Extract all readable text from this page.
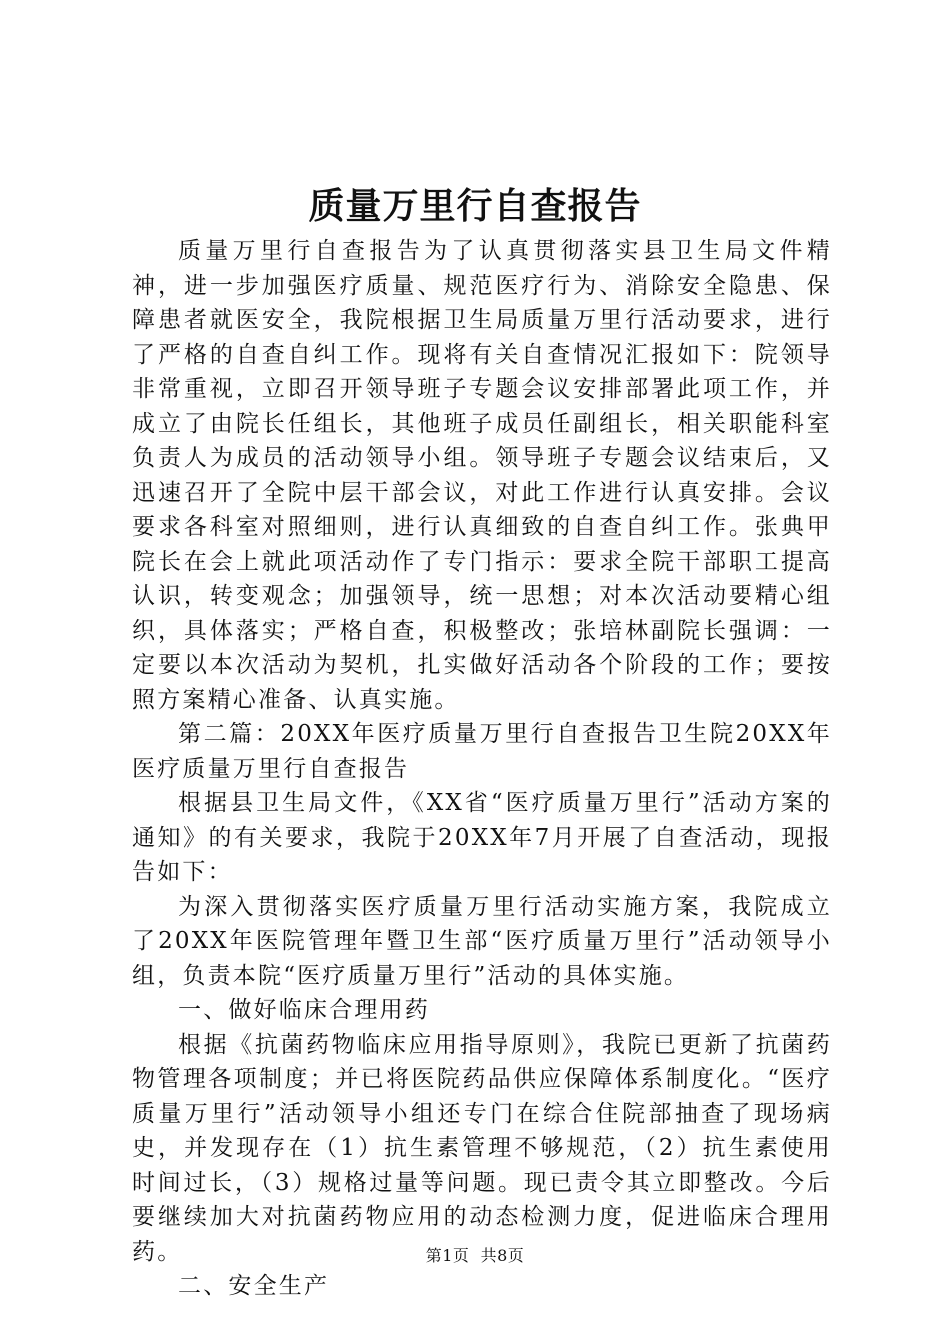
质量万里行自查报告

质量万里行自查报告为了认真贯彻落实县卫生局文件精神，进一步加强医疗质量、规范医疗行为、消除安全隐患、保障患者就医安全，我院根据卫生局质量万里行活动要求，进行了严格的自查自纠工作。现将有关自查情况汇报如下：院领导非常重视，立即召开领导班子专题会议安排部署此项工作，并成立了由院长任组长，其他班子成员任副组长，相关职能科室负责人为成员的活动领导小组。领导班子专题会议结束后，又迅速召开了全院中层干部会议，对此工作进行认真安排。会议要求各科室对照细则，进行认真细致的自查自纠工作。张典甲院长在会上就此项活动作了专门指示：要求全院干部职工提高认识，转变观念；加强领导，统一思想；对本次活动要精心组织，具体落实；严格自查，积极整改；张培林副院长强调：一定要以本次活动为契机，扎实做好活动各个阶段的工作；要按照方案精心准备、认真实施。

第二篇：20XX年医疗质量万里行自查报告卫生院20XX年医疗质量万里行自查报告

根据县卫生局文件，《XX省“医疗质量万里行”活动方案的通知》的有关要求，我院于20XX年7月开展了自查活动，现报告如下：

为深入贯彻落实医疗质量万里行活动实施方案，我院成立了20XX年医院管理年暨卫生部“医疗质量万里行”活动领导小组，负责本院“医疗质量万里行”活动的具体实施。

一、做好临床合理用药

根据《抗菌药物临床应用指导原则》，我院已更新了抗菌药物管理各项制度；并已将医院药品供应保障体系制度化。“医疗质量万里行”活动领导小组还专门在综合住院部抽查了现场病史，并发现存在（1）抗生素管理不够规范，（2）抗生素使用时间过长，（3）规格过量等问题。现已责令其立即整改。今后要继续加大对抗菌药物应用的动态检测力度，促进临床合理用药。

二、安全生产

第1页  共8页
